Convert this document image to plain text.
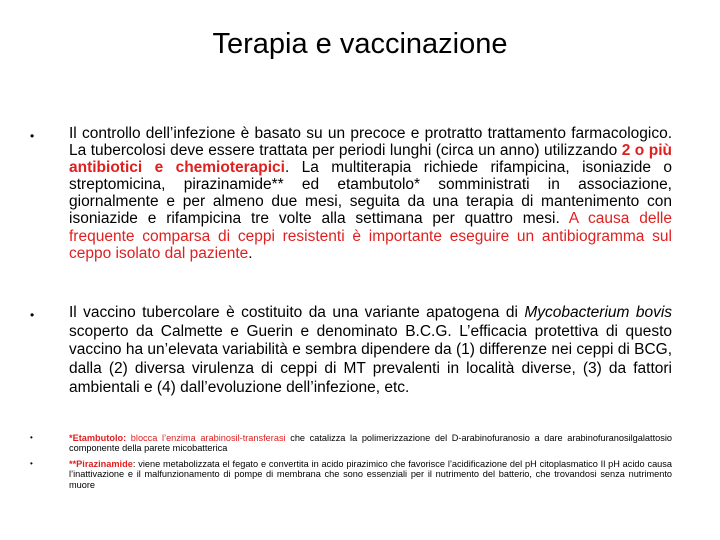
Terapia e vaccinazione
•	Il controllo dell’infezione è basato su un precoce e protratto trattamento farmacologico. La tubercolosi deve essere trattata per periodi lunghi (circa un anno) utilizzando 2 o più antibiotici e chemioterapici. La multiterapia richiede rifampicina, isoniazide o streptomicina, pirazinamide** ed etambutolo* somministrati in associazione, giornalmente e per almeno due mesi, seguita da una terapia di mantenimento con isoniazide e rifampicina tre volte alla settimana per quattro mesi. A causa delle frequente comparsa di ceppi resistenti è importante eseguire un antibiogramma sul ceppo isolato dal paziente.
•	Il vaccino tubercolare è costituito da una variante apatogena di Mycobacterium bovis scoperto da Calmette e Guerin e denominato B.C.G. L’efficacia protettiva di questo vaccino ha un’elevata variabilità e sembra dipendere da (1) differenze nei ceppi di BCG, dalla (2) diversa virulenza di ceppi di MT prevalenti in località diverse, (3) da fattori ambientali e (4) dall’evoluzione dell’infezione, etc.
•	*Etambutolo: blocca l’enzima arabinosil-transferasi che catalizza la polimerizzazione del D-arabinofuranosio a dare arabinofuranosilgalattosio componente della parete micobatterica
•	**Pirazinamide: viene metabolizzata el fegato e convertita in acido pirazimico che favorisce l’acidificazione del pH citoplasmatico Il pH acido causa l’inattivazione e il malfunzionamento di pompe di membrana che sono essenziali per il nutrimento del batterio, che trovandosi senza nutrimento muore
